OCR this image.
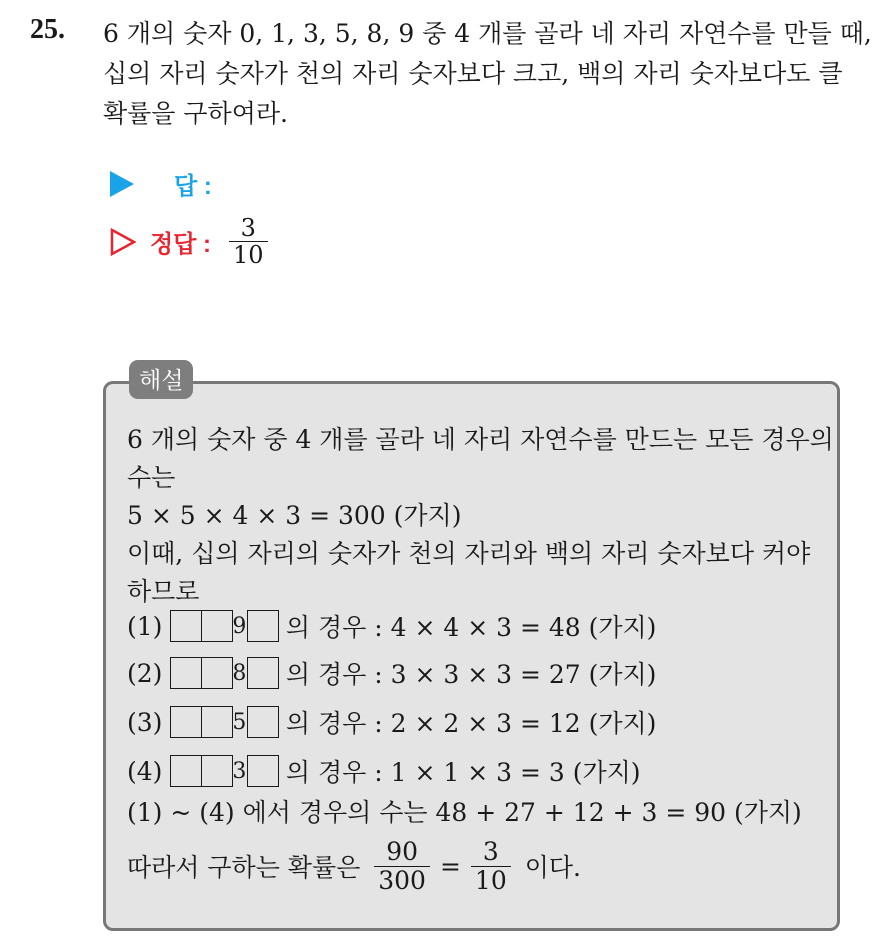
25. 6 개의 숫자 0, 1, 3, 5, 8, 9 중 4 개를 골라 네 자리 자연수를 만들 때,
십의 자리 숫자가 천의 자리 숫자보다 크고, 백의 자리 숫자보다도 클
확률을 구하여라.
답 :
정답 : $\frac{3}{10}$
해설
6 개의 숫자 중 4 개를 골라 네 자리 자연수를 만드는 모든 경우의
수는
5 × 5 × 4 × 3 = 300 (가지)
이때, 십의 자리의 숫자가 천의 자리와 백의 자리 숫자보다 커야
하므로
(1)	9 의 경우 : 4 × 4 × 3 = 48 (가지)
(2)	8 의 경우 : 3 × 3 × 3 = 27 (가지)
(3)	5 의 경우 : 2 × 2 × 3 = 12 (가지)
(4)	3 의 경우 : 1 × 1 × 3 = 3 (가지)
(1) ~ (4) 에서 경우의 수는 48 + 27 + 12 + 3 = 90 (가지)
따라서 구하는 확률은 $\frac{90}{300} = \frac{3}{10}$ 이다.
